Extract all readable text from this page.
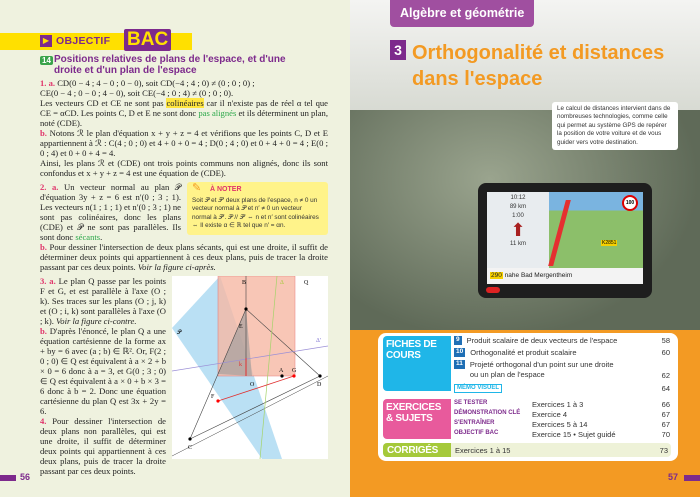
▶ OBJECTIF BAC
14 Positions relatives de plans de l'espace, et d'une droite et d'un plan de l'espace
1. a. CD(0 − 4 ; 4 − 0 ; 0 − 0), soit CD(−4 ; 4 ; 0) ≠ (0 ; 0 ; 0) ;
CE(0 − 4 ; 0 − 0 ; 4 − 0), soit CE(−4 ; 0 ; 4) ≠ (0 ; 0 ; 0).
Les vecteurs CD et CE ne sont pas colinéaires car il n'existe pas de réel α tel que CE = αCD. Les points C, D et E ne sont donc pas alignés et ils déterminent un plan, noté (CDE).
b. Notons ℛ le plan d'équation x + y + z = 4 et vérifions que les points C, D et E appartiennent à ℛ : C(4 ; 0 ; 0) et 4 + 0 + 0 = 4 ; D(0 ; 4 ; 0) et 0 + 4 + 0 = 4 ; E(0 ; 0 ; 4) et 0 + 0 + 4 = 4.
Ainsi, les plans ℛ et (CDE) ont trois points communs non alignés, donc ils sont confondus et x + y + z = 4 est une équation de (CDE).
✎ À NOTER
Soit 𝒫 et 𝒫′ deux plans de l'espace, n ≠ 0 un vecteur normal à 𝒫 et n′ ≠ 0 un vecteur normal à 𝒫′. 𝒫 // 𝒫′ ⇔ n et n′ sont colinéaires ⇔ Il existe α ∈ ℝ tel que n′ = αn.
2. a. Un vecteur normal au plan 𝒫 d'équation 3y + z = 6 est n′(0 ; 3 ; 1). Les vecteurs n(1 ; 1 ; 1) et n′(0 ; 3 ; 1) ne sont pas colinéaires, donc les plans (CDE) et 𝒫 ne sont pas parallèles. Ils sont donc sécants.
b. Pour dessiner l'intersection de deux plans sécants, qui est une droite, il suffit de déterminer deux points qui appartiennent à ces deux plans, puis de tracer la droite passant par ces deux points. Voir la figure ci-après.
B	Q
Δ
E
𝒫
Δ′
k
O
A G
D
F
C
3. a. Le plan Q passe par les points F et G, et est parallèle à l'axe (O ; k). Ses traces sur les plans (O ; j, k) et (O ; i, k) sont parallèles à l'axe (O ; k). Voir la figure ci-contre.
b. D'après l'énoncé, le plan Q a une équation cartésienne de la forme ax + by = 6 avec (a ; b) ∈ ℝ². Or, F(2 ; 0 ; 0) ∈ Q est équivalent à a × 2 + b × 0 = 6 donc à a = 3, et G(0 ; 3 ; 0) ∈ Q est équivalent à a × 0 + b × 3 = 6 donc à b = 2. Donc une équation cartésienne du plan Q est 3x + 2y = 6.
4. Pour dessiner l'intersection de deux plans non parallèles, qui est une droite, il suffit de déterminer deux points qui appartiennent à ces deux plans, puis de tracer la droite passant par ces deux points.
56
Algèbre et géométrie
3 Orthogonalité et distances dans l'espace
Le calcul de distances intervient dans de nombreuses technologies, comme celle qui permet au système GPS de repérer la position de votre voiture et de vous guider vers votre destination.
10:12
89 km
1:00
⬆
11 km
100
K2851
290 nahe Bad Mergentheim
FICHES DE COURS
9 Produit scalaire de deux vecteurs de l'espace	58
10 Orthogonalité et produit scalaire	60
11 Projeté orthogonal d'un point sur une droite ou un plan de l'espace	62
MÉMO VISUEL	64
EXERCICES & SUJETS
SE TESTER	Exercices 1 à 3	66
DÉMONSTRATION CLÉ	Exercice 4	67
S'ENTRAÎNER	Exercices 5 à 14	67
OBJECTIF BAC	Exercice 15 • Sujet guidé	70
CORRIGÉS	Exercices 1 à 15	73
57
